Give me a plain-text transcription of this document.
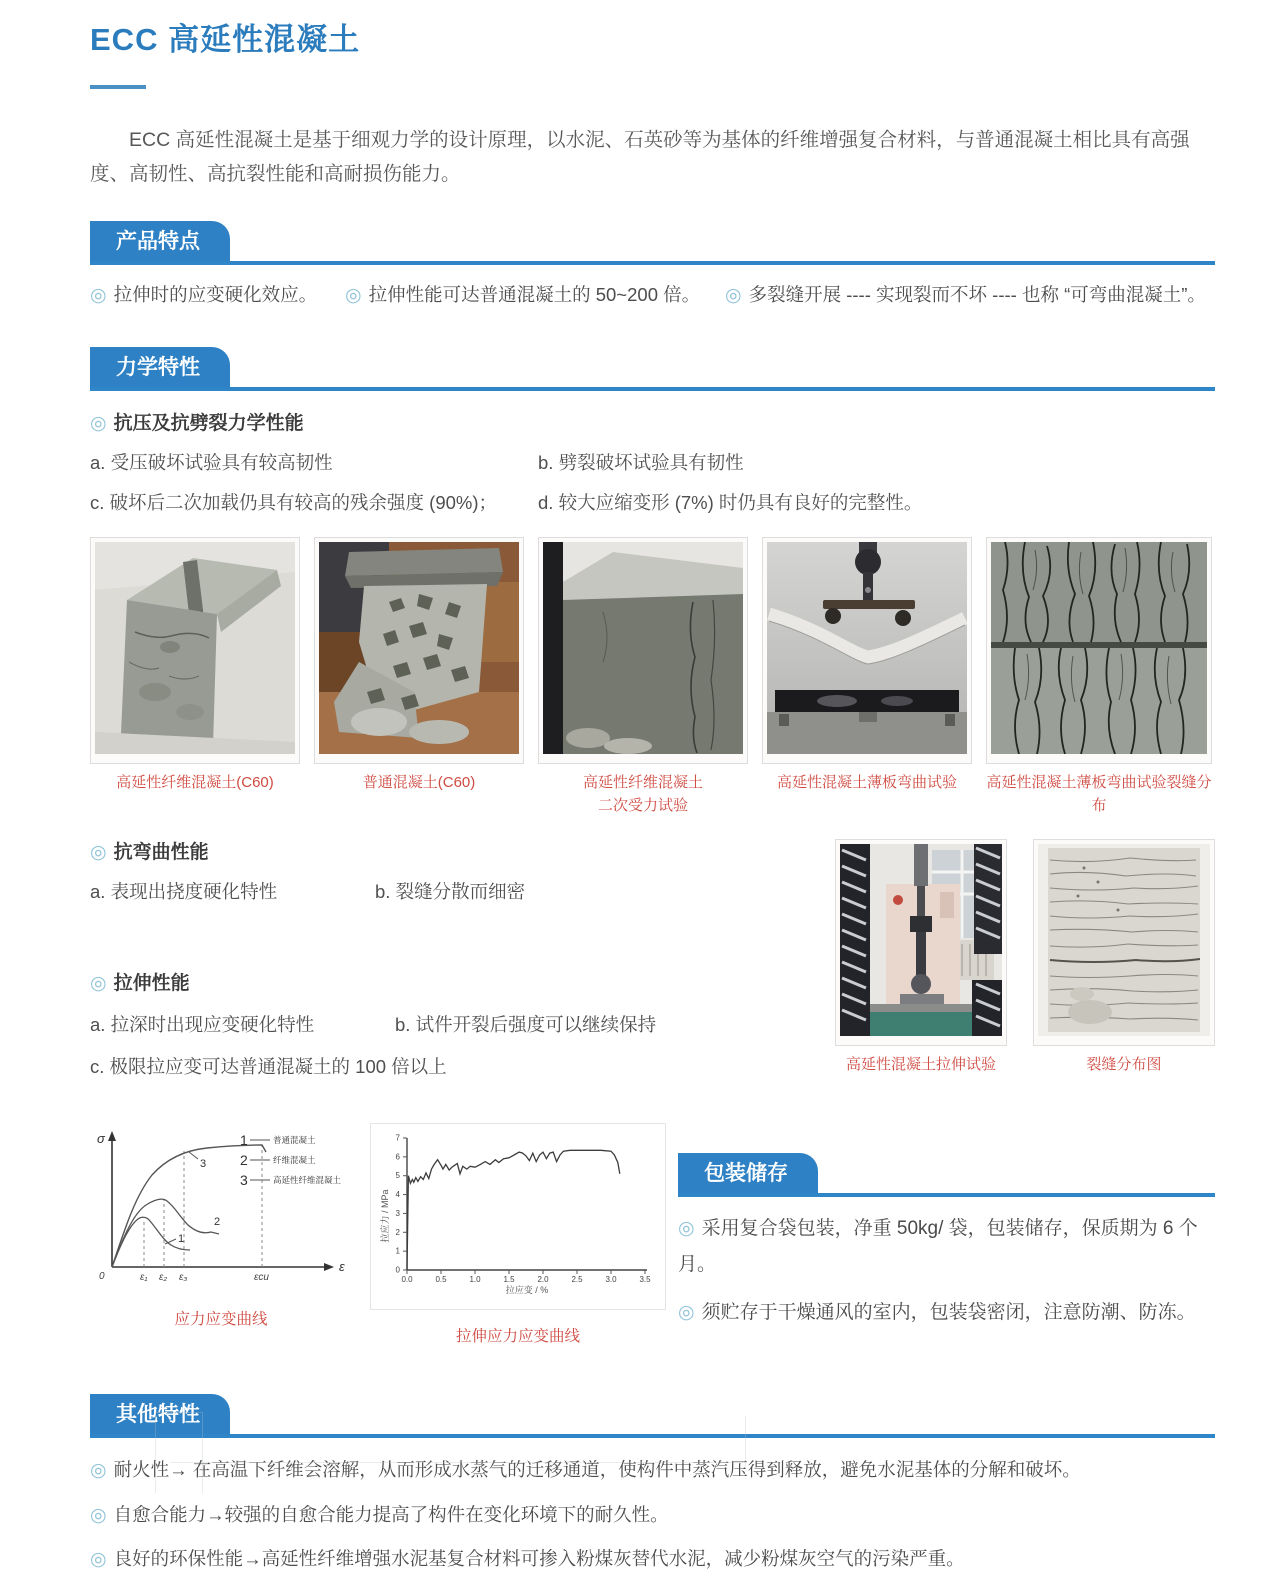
ECC 高延性混凝土

ECC 高延性混凝土是基于细观力学的设计原理，以水泥、石英砂等为基体的纤维增强复合材料，与普通混凝土相比具有高强度、高韧性、高抗裂性能和高耐损伤能力。

产品特点
◎ 拉伸时的应变硬化效应。	◎ 拉伸性能可达普通混凝土的 50~200 倍。	◎ 多裂缝开展 ---- 实现裂而不坏 ---- 也称 “可弯曲混凝土”。
力学特性
◎ 抗压及抗劈裂力学性能
a. 受压破坏试验具有较高韧性	b. 劈裂破坏试验具有韧性
c. 破坏后二次加载仍具有较高的残余强度 (90%)；	d. 较大应缩变形 (7%) 时仍具有良好的完整性。
高延性纤维混凝土(C60)	普通混凝土(C60)	高延性纤维混凝土 二次受力试验
高延性混凝土薄板弯曲试验 高延性混凝土薄板弯曲试验裂缝分布
◎ 抗弯曲性能
a. 表现出挠度硬化特性	b. 裂缝分散而细密
◎ 拉伸性能
a. 拉深时出现应变硬化特性	b. 试件开裂后强度可以继续保持
c. 极限拉应变可达普通混凝土的 100 倍以上	高延性混凝土拉伸试验	裂缝分布图
σ
ε
0
1
2
3
ε₁ ε₂ ε₃	εcu
1	普通混凝土
2	纤维混凝土
3	高延性纤维混凝土
应力应变曲线
0.0	0.5	1.0	1.5	2.0	2.5	3.0	3.5
0
1
2
3
4
5
6
7
拉应变 / %
拉应力 / MPa
拉伸应力应变曲线
包装储存
◎ 采用复合袋包装，净重 50kg/ 袋，包装储存，保质期为 6 个月。
◎ 须贮存于干燥通风的室内，包装袋密闭，注意防潮、防冻。
其他特性
◎ 耐火性→ 在高温下纤维会溶解，从而形成水蒸气的迁移通道，使构件中蒸汽压得到释放，避免水泥基体的分解和破坏。
◎ 自愈合能力→较强的自愈合能力提高了构件在变化环境下的耐久性。
◎ 良好的环保性能→高延性纤维增强水泥基复合材料可掺入粉煤灰替代水泥，减少粉煤灰空气的污染严重。
